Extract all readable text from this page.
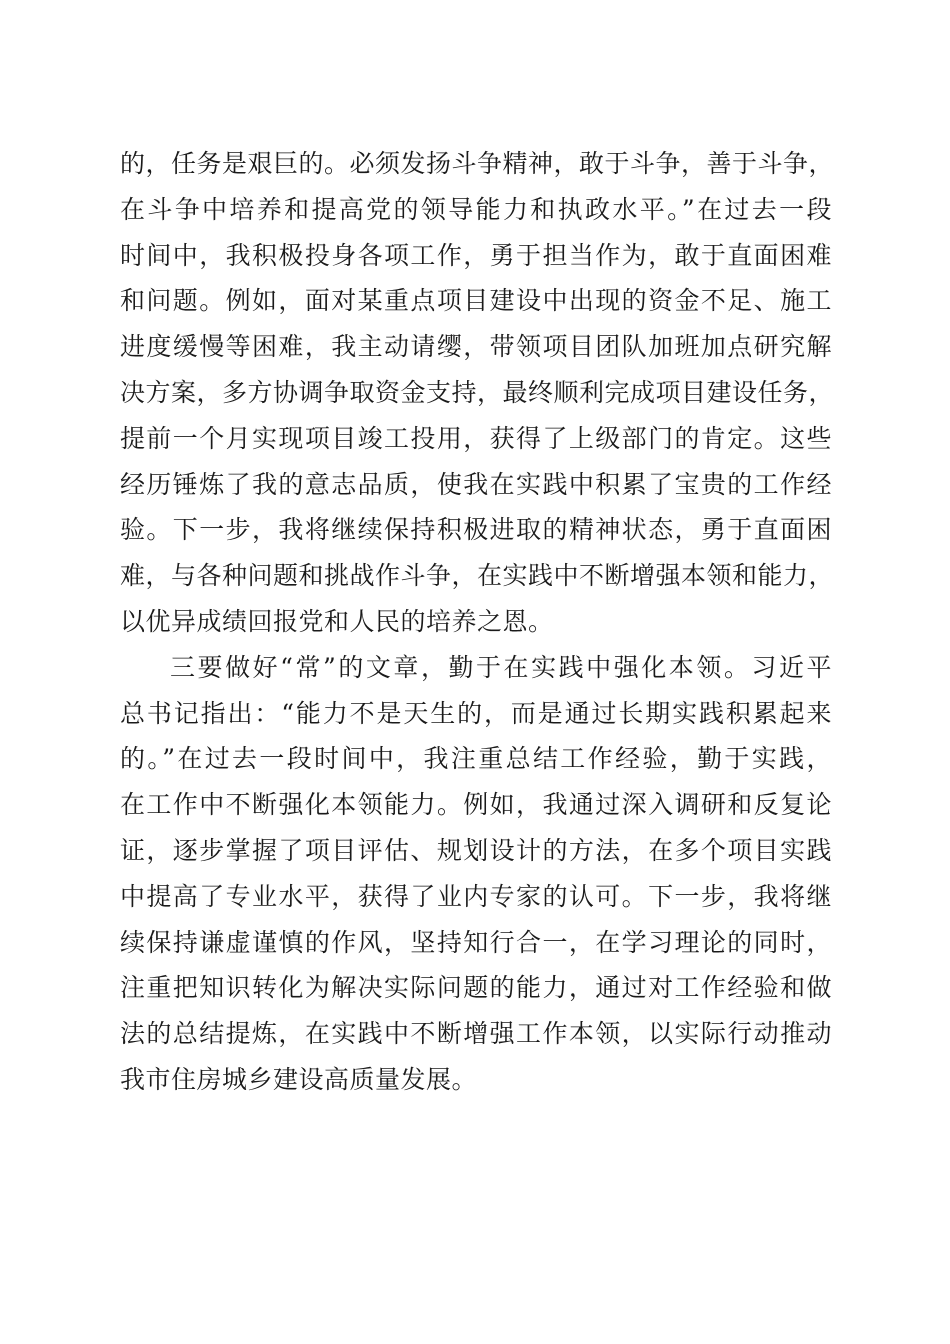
的，任务是艰巨的。必须发扬斗争精神，敢于斗争，善于斗争，
在斗争中培养和提高党的领导能力和执政水平。”在过去一段
时间中，我积极投身各项工作，勇于担当作为，敢于直面困难
和问题。例如，面对某重点项目建设中出现的资金不足、施工
进度缓慢等困难，我主动请缨，带领项目团队加班加点研究解
决方案，多方协调争取资金支持，最终顺利完成项目建设任务，
提前一个月实现项目竣工投用，获得了上级部门的肯定。这些
经历锤炼了我的意志品质，使我在实践中积累了宝贵的工作经
验。下一步，我将继续保持积极进取的精神状态，勇于直面困
难，与各种问题和挑战作斗争，在实践中不断增强本领和能力，
以优异成绩回报党和人民的培养之恩。
三要做好“常”的文章，勤于在实践中强化本领。习近平
总书记指出：“能力不是天生的，而是通过长期实践积累起来
的。”在过去一段时间中，我注重总结工作经验，勤于实践，
在工作中不断强化本领能力。例如，我通过深入调研和反复论
证，逐步掌握了项目评估、规划设计的方法，在多个项目实践
中提高了专业水平，获得了业内专家的认可。下一步，我将继
续保持谦虚谨慎的作风，坚持知行合一，在学习理论的同时，
注重把知识转化为解决实际问题的能力，通过对工作经验和做
法的总结提炼，在实践中不断增强工作本领，以实际行动推动
我市住房城乡建设高质量发展。
